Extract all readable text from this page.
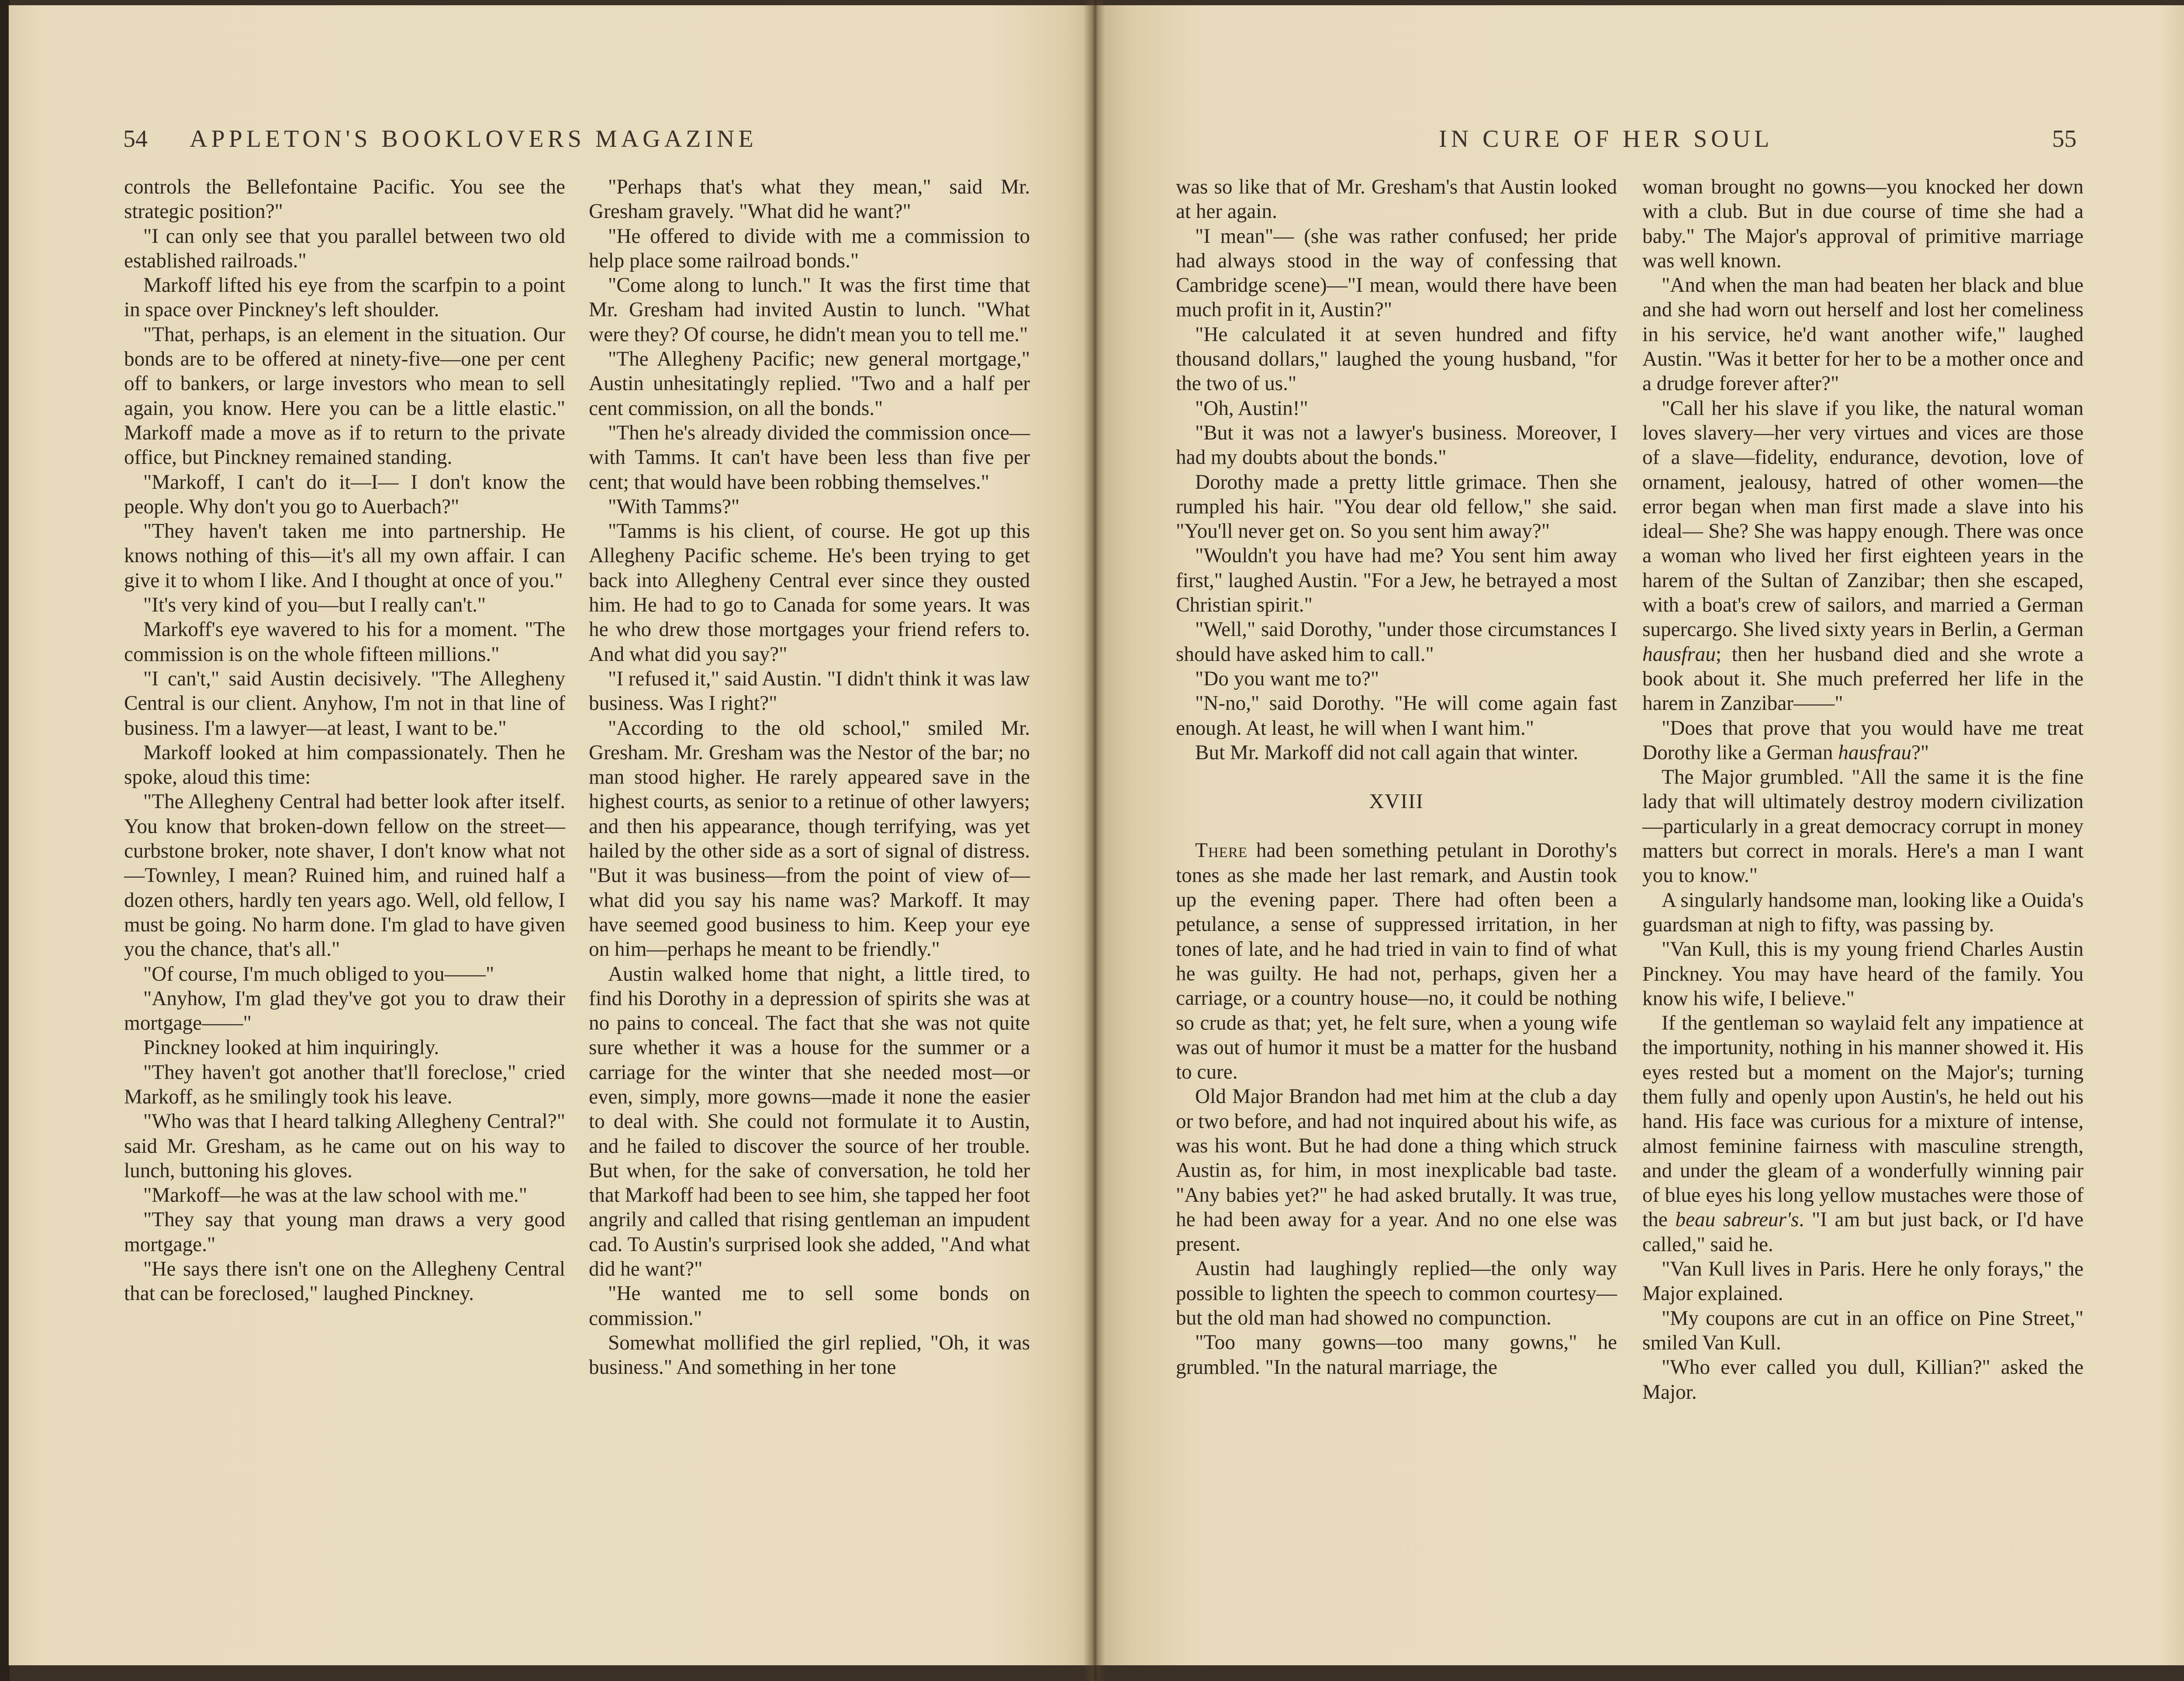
54 APPLETON'S BOOKLOVERS MAGAZINE

controls the Bellefontaine Pacific. You see the strategic position?"

"I can only see that you parallel between two old established railroads."

Markoff lifted his eye from the scarfpin to a point in space over Pinckney's left shoulder.

"That, perhaps, is an element in the situation. Our bonds are to be offered at ninety-five—one per cent off to bankers, or large investors who mean to sell again, you know. Here you can be a little elastic." Markoff made a move as if to return to the private office, but Pinckney remained standing.

"Markoff, I can't do it—I— I don't know the people. Why don't you go to Auerbach?"

"They haven't taken me into partnership. He knows nothing of this—it's all my own affair. I can give it to whom I like. And I thought at once of you."

"It's very kind of you—but I really can't."

Markoff's eye wavered to his for a moment. "The commission is on the whole fifteen millions."

"I can't," said Austin decisively. "The Allegheny Central is our client. Anyhow, I'm not in that line of business. I'm a lawyer—at least, I want to be."

Markoff looked at him compassionately. Then he spoke, aloud this time:

"The Allegheny Central had better look after itself. You know that broken-down fellow on the street—curbstone broker, note shaver, I don't know what not—Townley, I mean? Ruined him, and ruined half a dozen others, hardly ten years ago. Well, old fellow, I must be going. No harm done. I'm glad to have given you the chance, that's all."

"Of course, I'm much obliged to you——"

"Anyhow, I'm glad they've got you to draw their mortgage——"

Pinckney looked at him inquiringly.

"They haven't got another that'll foreclose," cried Markoff, as he smilingly took his leave.

"Who was that I heard talking Allegheny Central?" said Mr. Gresham, as he came out on his way to lunch, buttoning his gloves.

"Markoff—he was at the law school with me."

"They say that young man draws a very good mortgage."

"He says there isn't one on the Allegheny Central that can be foreclosed," laughed Pinckney.

"Perhaps that's what they mean," said Mr. Gresham gravely. "What did he want?"

"He offered to divide with me a commission to help place some railroad bonds."

"Come along to lunch." It was the first time that Mr. Gresham had invited Austin to lunch. "What were they? Of course, he didn't mean you to tell me."

"The Allegheny Pacific; new general mortgage," Austin unhesitatingly replied. "Two and a half per cent commission, on all the bonds."

"Then he's already divided the commission once—with Tamms. It can't have been less than five per cent; that would have been robbing themselves."

"With Tamms?"

"Tamms is his client, of course. He got up this Allegheny Pacific scheme. He's been trying to get back into Allegheny Central ever since they ousted him. He had to go to Canada for some years. It was he who drew those mortgages your friend refers to. And what did you say?"

"I refused it," said Austin. "I didn't think it was law business. Was I right?"

"According to the old school," smiled Mr. Gresham. Mr. Gresham was the Nestor of the bar; no man stood higher. He rarely appeared save in the highest courts, as senior to a retinue of other lawyers; and then his appearance, though terrifying, was yet hailed by the other side as a sort of signal of distress. "But it was business—from the point of view of—what did you say his name was? Markoff. It may have seemed good business to him. Keep your eye on him—perhaps he meant to be friendly."

Austin walked home that night, a little tired, to find his Dorothy in a depression of spirits she was at no pains to conceal. The fact that she was not quite sure whether it was a house for the summer or a carriage for the winter that she needed most—or even, simply, more gowns—made it none the easier to deal with. She could not formulate it to Austin, and he failed to discover the source of her trouble. But when, for the sake of conversation, he told her that Markoff had been to see him, she tapped her foot angrily and called that rising gentleman an impudent cad. To Austin's surprised look she added, "And what did he want?"

"He wanted me to sell some bonds on commission."

Somewhat mollified the girl replied, "Oh, it was business." And something in her tone

IN CURE OF HER SOUL	55

was so like that of Mr. Gresham's that Austin looked at her again.

"I mean"— (she was rather confused; her pride had always stood in the way of confessing that Cambridge scene)—"I mean, would there have been much profit in it, Austin?"

"He calculated it at seven hundred and fifty thousand dollars," laughed the young husband, "for the two of us."

"Oh, Austin!"

"But it was not a lawyer's business. Moreover, I had my doubts about the bonds."

Dorothy made a pretty little grimace. Then she rumpled his hair. "You dear old fellow," she said. "You'll never get on. So you sent him away?"

"Wouldn't you have had me? You sent him away first," laughed Austin. "For a Jew, he betrayed a most Christian spirit."

"Well," said Dorothy, "under those circumstances I should have asked him to call."

"Do you want me to?"

"N-no," said Dorothy. "He will come again fast enough. At least, he will when I want him."

But Mr. Markoff did not call again that winter.

XVIII

There had been something petulant in Dorothy's tones as she made her last remark, and Austin took up the evening paper. There had often been a petulance, a sense of suppressed irritation, in her tones of late, and he had tried in vain to find of what he was guilty. He had not, perhaps, given her a carriage, or a country house—no, it could be nothing so crude as that; yet, he felt sure, when a young wife was out of humor it must be a matter for the husband to cure.

Old Major Brandon had met him at the club a day or two before, and had not inquired about his wife, as was his wont. But he had done a thing which struck Austin as, for him, in most inexplicable bad taste. "Any babies yet?" he had asked brutally. It was true, he had been away for a year. And no one else was present.

Austin had laughingly replied—the only way possible to lighten the speech to common courtesy—but the old man had showed no compunction.

"Too many gowns—too many gowns," he grumbled. "In the natural marriage, the

woman brought no gowns—you knocked her down with a club. But in due course of time she had a baby." The Major's approval of primitive marriage was well known.

"And when the man had beaten her black and blue and she had worn out herself and lost her comeliness in his service, he'd want another wife," laughed Austin. "Was it better for her to be a mother once and a drudge forever after?"

"Call her his slave if you like, the natural woman loves slavery—her very virtues and vices are those of a slave—fidelity, endurance, devotion, love of ornament, jealousy, hatred of other women—the error began when man first made a slave into his ideal— She? She was happy enough. There was once a woman who lived her first eighteen years in the harem of the Sultan of Zanzibar; then she escaped, with a boat's crew of sailors, and married a German supercargo. She lived sixty years in Berlin, a German hausfrau; then her husband died and she wrote a book about it. She much preferred her life in the harem in Zanzibar——"

"Does that prove that you would have me treat Dorothy like a German hausfrau?"

The Major grumbled. "All the same it is the fine lady that will ultimately destroy modern civilization—particularly in a great democracy corrupt in money matters but correct in morals. Here's a man I want you to know."

A singularly handsome man, looking like a Ouida's guardsman at nigh to fifty, was passing by.

"Van Kull, this is my young friend Charles Austin Pinckney. You may have heard of the family. You know his wife, I believe."

If the gentleman so waylaid felt any impatience at the importunity, nothing in his manner showed it. His eyes rested but a moment on the Major's; turning them fully and openly upon Austin's, he held out his hand. His face was curious for a mixture of intense, almost feminine fairness with masculine strength, and under the gleam of a wonderfully winning pair of blue eyes his long yellow mustaches were those of the beau sabreur's. "I am but just back, or I'd have called," said he.

"Van Kull lives in Paris. Here he only forays," the Major explained.

"My coupons are cut in an office on Pine Street," smiled Van Kull.

"Who ever called you dull, Killian?" asked the Major.
